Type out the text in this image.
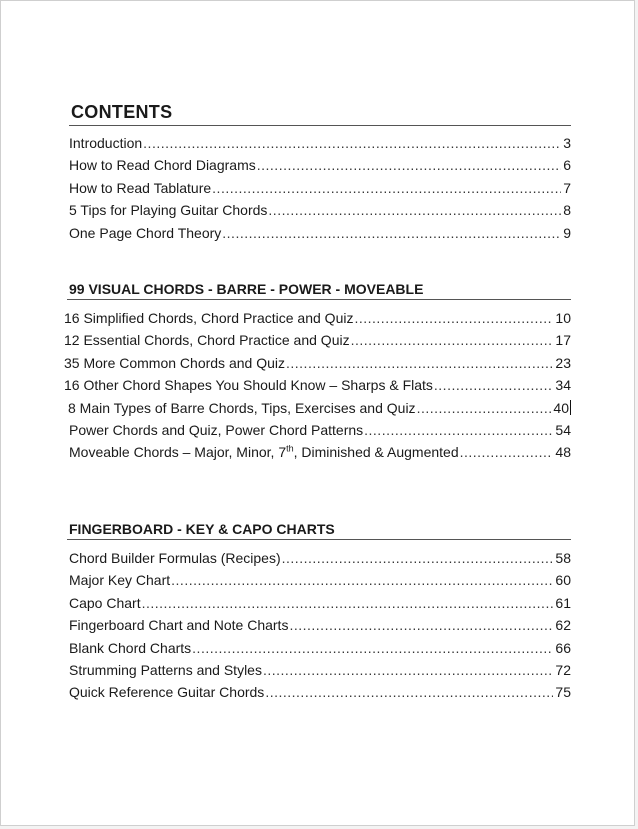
CONTENTS
Introduction .....	3
How to Read Chord Diagrams .....	6
How to Read Tablature .....	7
5 Tips for Playing Guitar Chords .....	8
One Page Chord Theory .....	9
99 VISUAL CHORDS - BARRE - POWER - MOVEABLE
16 Simplified Chords, Chord Practice and Quiz .....	10
12 Essential Chords, Chord Practice and Quiz .....	17
35 More Common Chords and Quiz .....	23
16 Other Chord Shapes You Should Know – Sharps & Flats .....	34
8 Main Types of Barre Chords, Tips, Exercises and Quiz .....	40
Power Chords and Quiz, Power Chord Patterns .....	54
Moveable Chords – Major, Minor, 7th, Diminished & Augmented .....	48
FINGERBOARD - KEY & CAPO CHARTS
Chord Builder Formulas (Recipes) .....	58
Major Key Chart .....	60
Capo Chart .....	61
Fingerboard Chart and Note Charts .....	62
Blank Chord Charts .....	66
Strumming Patterns and Styles .....	72
Quick Reference Guitar Chords .....	75
